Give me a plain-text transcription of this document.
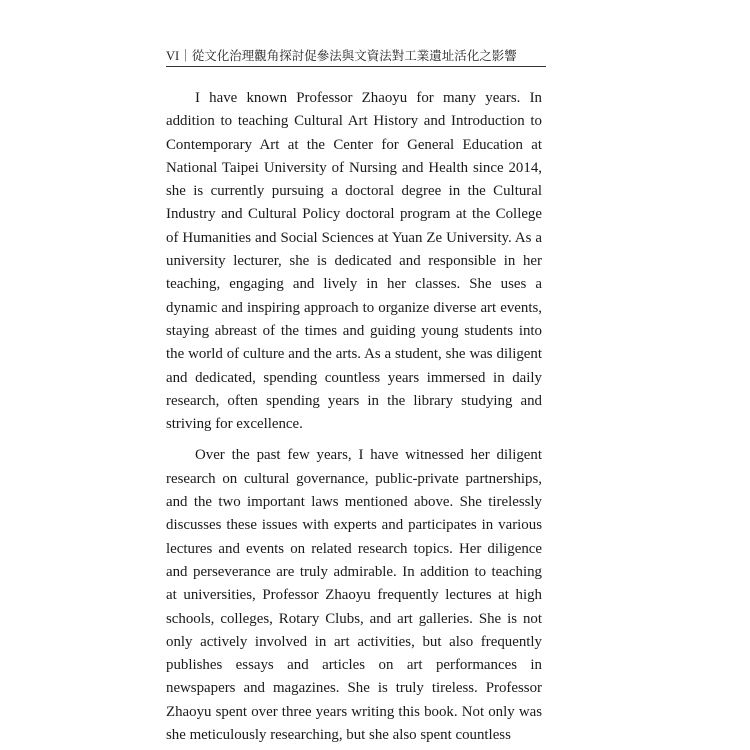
VI｜從文化治理觀角探討促參法與文資法對工業遺址活化之影響

I have known Professor Zhaoyu for many years. In addition to teaching Cultural Art History and Introduction to Contemporary Art at the Center for General Education at National Taipei University of Nursing and Health since 2014, she is currently pursuing a doctoral degree in the Cultural Industry and Cultural Policy doctoral program at the College of Humanities and Social Sciences at Yuan Ze University. As a university lecturer, she is dedicated and responsible in her teaching, engaging and lively in her classes. She uses a dynamic and inspiring approach to organize diverse art events, staying abreast of the times and guiding young students into the world of culture and the arts. As a student, she was diligent and dedicated, spending countless years immersed in daily research, often spending years in the library studying and striving for excellence.

Over the past few years, I have witnessed her diligent research on cultural governance, public-private partnerships, and the two important laws mentioned above. She tirelessly discusses these issues with experts and participates in various lectures and events on related research topics. Her diligence and perseverance are truly admirable. In addition to teaching at universities, Professor Zhaoyu frequently lectures at high schools, colleges, Rotary Clubs, and art galleries. She is not only actively involved in art activities, but also frequently publishes essays and articles on art performances in newspapers and magazines. She is truly tireless. Professor Zhaoyu spent over three years writing this book. Not only was she meticulously researching, but she also spent countless
